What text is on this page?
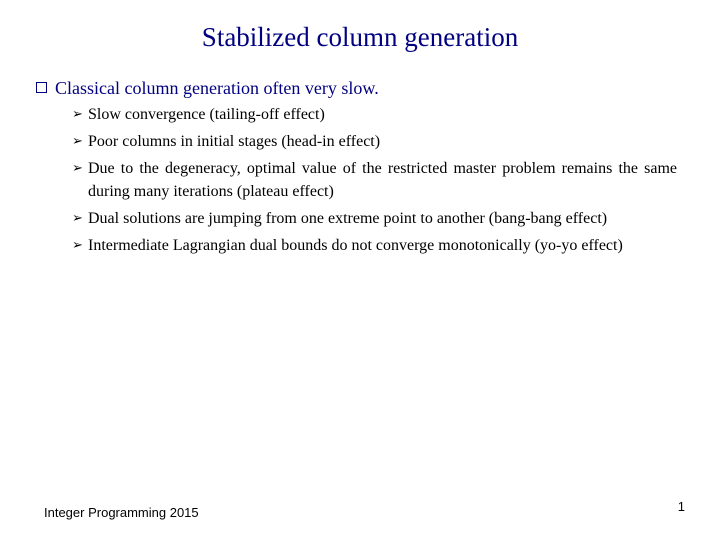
Stabilized column generation
Classical column generation often very slow.
➢ Slow convergence (tailing-off effect)
➢ Poor columns in initial stages (head-in effect)
➢ Due to the degeneracy, optimal value of the restricted master problem remains the same during many iterations (plateau effect)
➢ Dual solutions are jumping from one extreme point to another (bang-bang effect)
➢ Intermediate Lagrangian dual bounds do not converge monotonically (yo-yo effect)
Integer Programming 2015	1
